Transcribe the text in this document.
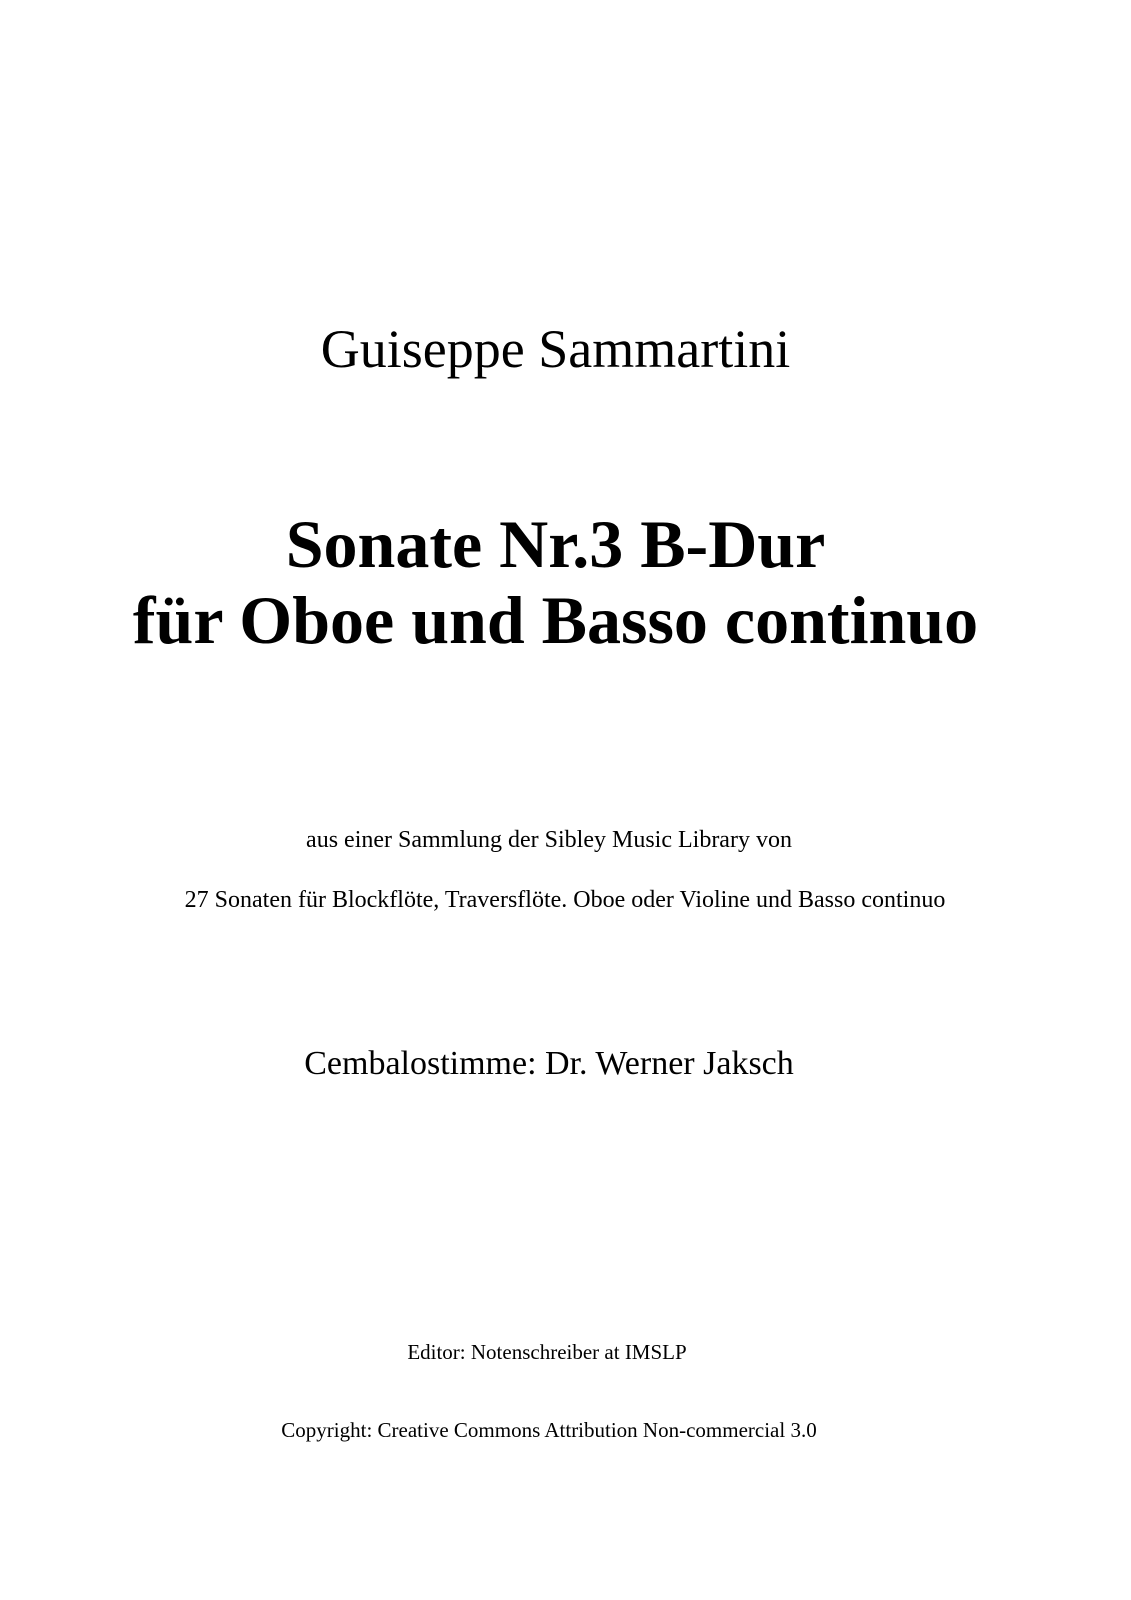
Guiseppe Sammartini
Sonate Nr.3 B-Dur
für Oboe und Basso continuo
aus einer Sammlung der Sibley Music Library von
27 Sonaten für Blockflöte, Traversflöte. Oboe oder Violine und Basso continuo
Cembalostimme: Dr. Werner Jaksch
Editor: Notenschreiber at IMSLP
Copyright: Creative Commons Attribution Non-commercial 3.0
